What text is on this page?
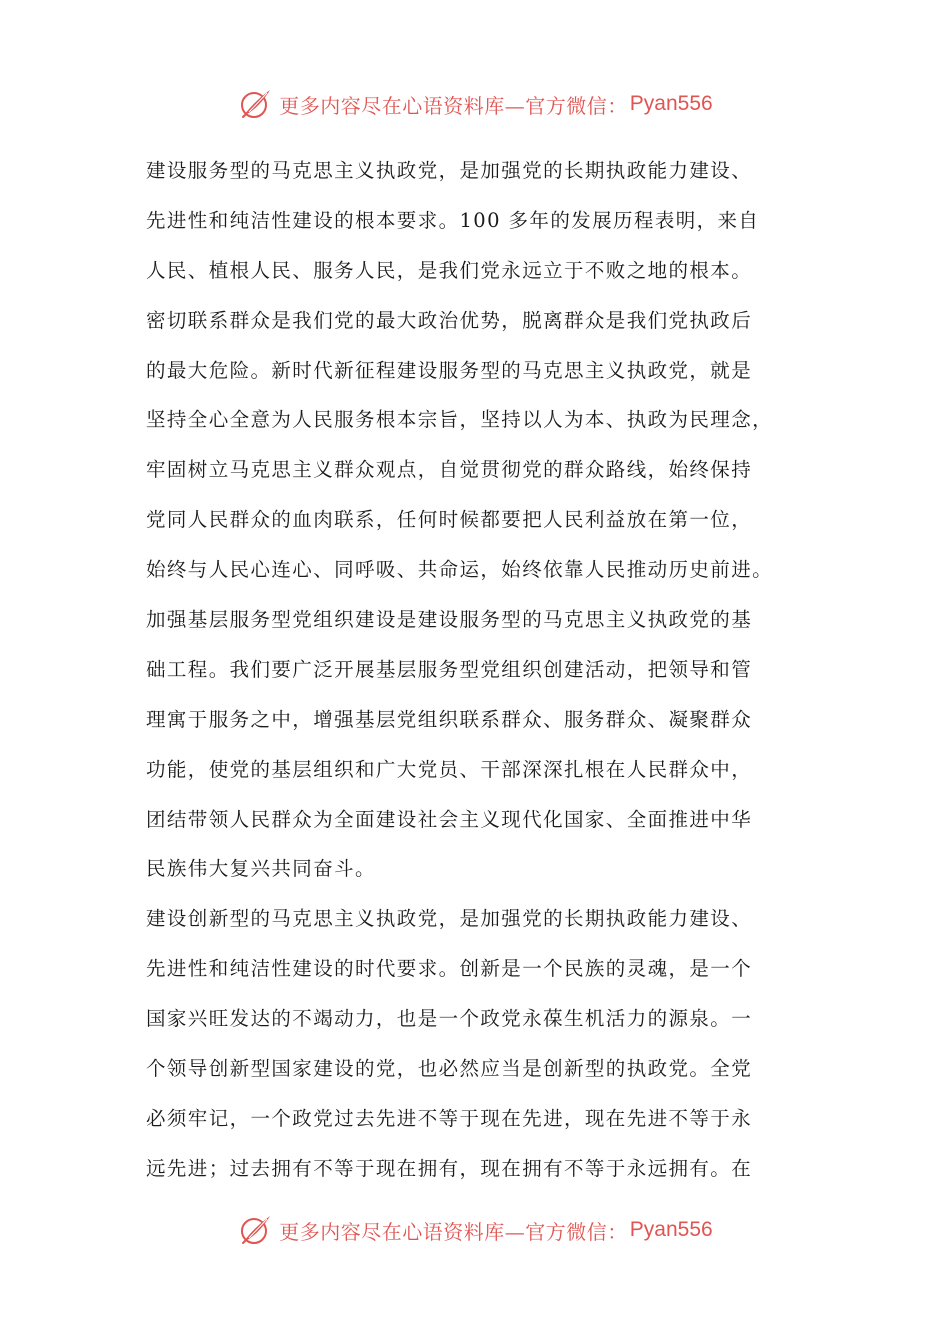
更多内容尽在心语资料库—官方微信： Pyan556
建设服务型的马克思主义执政党，是加强党的长期执政能力建设、
先进性和纯洁性建设的根本要求。100 多年的发展历程表明，来自
人民、植根人民、服务人民，是我们党永远立于不败之地的根本。
密切联系群众是我们党的最大政治优势，脱离群众是我们党执政后
的最大危险。新时代新征程建设服务型的马克思主义执政党，就是
坚持全心全意为人民服务根本宗旨，坚持以人为本、执政为民理念，
牢固树立马克思主义群众观点，自觉贯彻党的群众路线，始终保持
党同人民群众的血肉联系，任何时候都要把人民利益放在第一位，
始终与人民心连心、同呼吸、共命运，始终依靠人民推动历史前进。
加强基层服务型党组织建设是建设服务型的马克思主义执政党的基
础工程。我们要广泛开展基层服务型党组织创建活动，把领导和管
理寓于服务之中，增强基层党组织联系群众、服务群众、凝聚群众
功能，使党的基层组织和广大党员、干部深深扎根在人民群众中，
团结带领人民群众为全面建设社会主义现代化国家、全面推进中华
民族伟大复兴共同奋斗。
建设创新型的马克思主义执政党，是加强党的长期执政能力建设、
先进性和纯洁性建设的时代要求。创新是一个民族的灵魂，是一个
国家兴旺发达的不竭动力，也是一个政党永葆生机活力的源泉。一
个领导创新型国家建设的党，也必然应当是创新型的执政党。全党
必须牢记，一个政党过去先进不等于现在先进，现在先进不等于永
远先进；过去拥有不等于现在拥有，现在拥有不等于永远拥有。在
更多内容尽在心语资料库—官方微信： Pyan556
